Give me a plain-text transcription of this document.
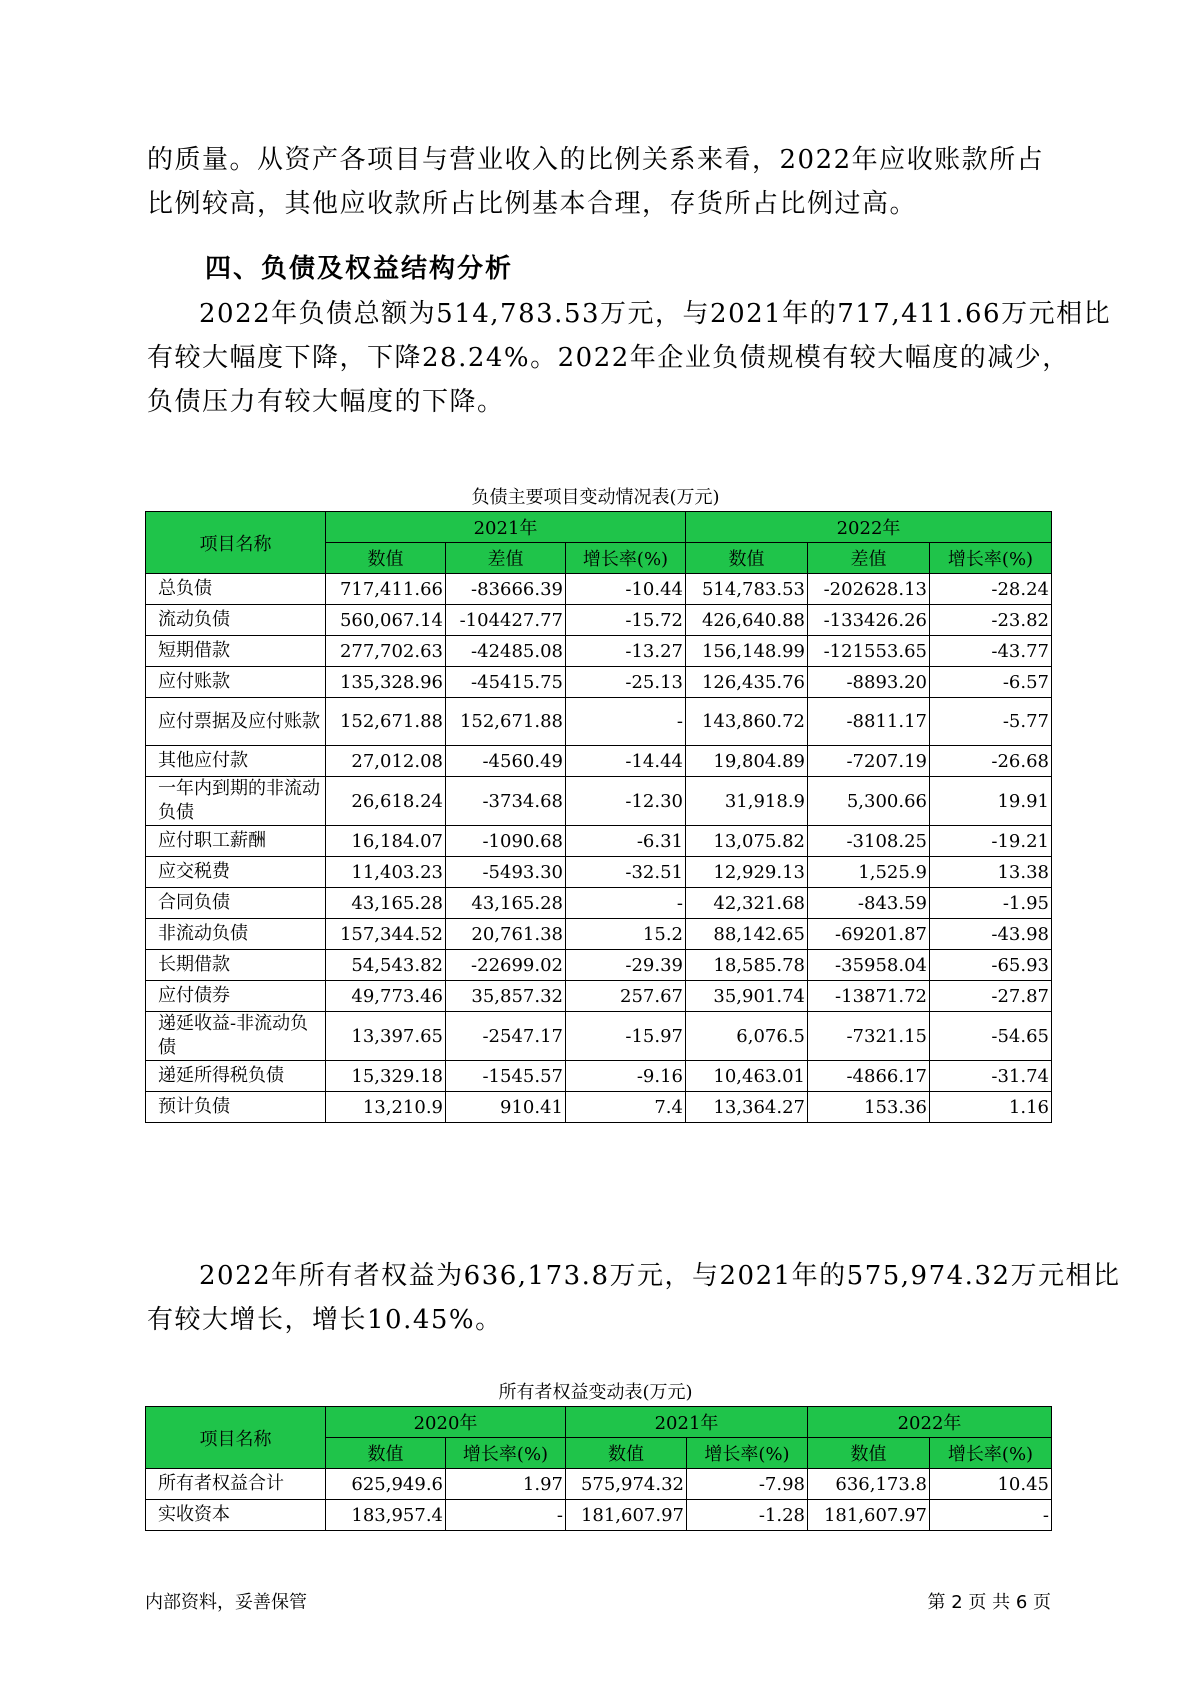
的质量。从资产各项目与营业收入的比例关系来看，2022年应收账款所占
比例较高，其他应收款所占比例基本合理，存货所占比例过高。

四、负债及权益结构分析

2022年负债总额为514,783.53万元，与2021年的717,411.66万元相比
有较大幅度下降，下降28.24%。2022年企业负债规模有较大幅度的减少，
负债压力有较大幅度的下降。

负债主要项目变动情况表(万元)
项目名称	2021年			2022年		
	数值	差值	增长率(%)	数值	差值	增长率(%)
总负债	717,411.66	-83666.39	-10.44	514,783.53	-202628.13	-28.24
流动负债	560,067.14	-104427.77	-15.72	426,640.88	-133426.26	-23.82
短期借款	277,702.63	-42485.08	-13.27	156,148.99	-121553.65	-43.77
应付账款	135,328.96	-45415.75	-25.13	126,435.76	-8893.20	-6.57
应付票据及应付账款	152,671.88	152,671.88	-	143,860.72	-8811.17	-5.77
其他应付款	27,012.08	-4560.49	-14.44	19,804.89	-7207.19	-26.68
一年内到期的非流动负债	26,618.24	-3734.68	-12.30	31,918.9	5,300.66	19.91
应付职工薪酬	16,184.07	-1090.68	-6.31	13,075.82	-3108.25	-19.21
应交税费	11,403.23	-5493.30	-32.51	12,929.13	1,525.9	13.38
合同负债	43,165.28	43,165.28	-	42,321.68	-843.59	-1.95
非流动负债	157,344.52	20,761.38	15.2	88,142.65	-69201.87	-43.98
长期借款	54,543.82	-22699.02	-29.39	18,585.78	-35958.04	-65.93
应付债券	49,773.46	35,857.32	257.67	35,901.74	-13871.72	-27.87
递延收益-非流动负债	13,397.65	-2547.17	-15.97	6,076.5	-7321.15	-54.65
递延所得税负债	15,329.18	-1545.57	-9.16	10,463.01	-4866.17	-31.74
预计负债	13,210.9	910.41	7.4	13,364.27	153.36	1.16

2022年所有者权益为636,173.8万元，与2021年的575,974.32万元相比
有较大增长，增长10.45%。

所有者权益变动表(万元)
项目名称	2020年		2021年		2022年	
	数值	增长率(%)	数值	增长率(%)	数值	增长率(%)
所有者权益合计	625,949.6	1.97	575,974.32	-7.98	636,173.8	10.45
实收资本	183,957.4	-	181,607.97	-1.28	181,607.97	-
内部资料，妥善保管	第 2 页 共 6 页
